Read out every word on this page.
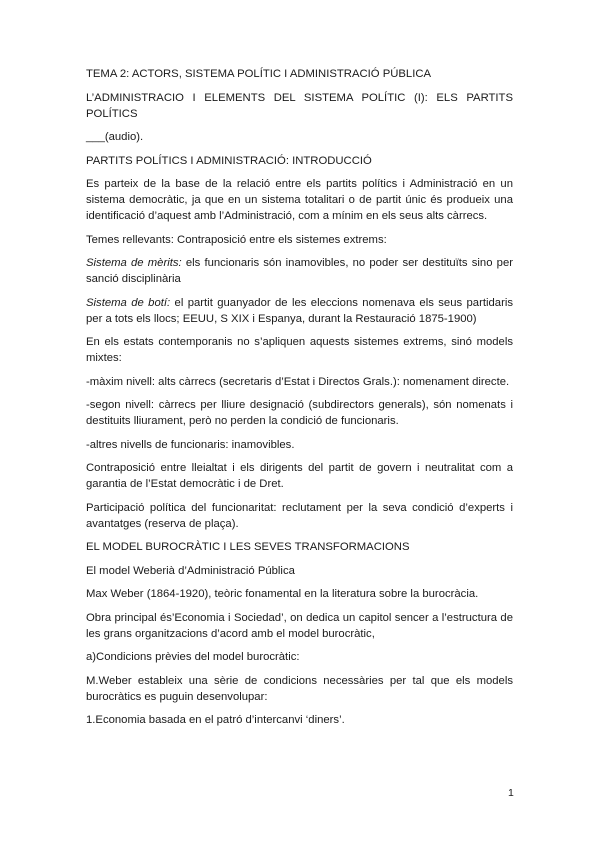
TEMA 2: ACTORS, SISTEMA POLÍTIC I ADMINISTRACIÓ PÚBLICA

L’ADMINISTRACIO I ELEMENTS DEL SISTEMA POLÍTIC (I): ELS PARTITS POLÍTICS

___(audio).

PARTITS POLÍTICS I ADMINISTRACIÓ: INTRODUCCIÓ

Es parteix de la base de la relació entre els partits polítics i Administració en un sistema democràtic, ja que en un sistema totalitari o de partit únic és produeix una identificació d’aquest amb l’Administració, com a mínim en els seus alts càrrecs.

Temes rellevants: Contraposició entre els sistemes extrems:

Sistema de mèrits: els funcionaris són inamovibles, no poder ser destituïts sino per sanció disciplinària

Sistema de botí: el partit guanyador de les eleccions nomenava els seus partidaris per a tots els llocs; EEUU, S XIX i Espanya, durant la Restauració 1875-1900)

En els estats contemporanis no s’apliquen aquests sistemes extrems, sinó models mixtes:

-màxim nivell: alts càrrecs (secretaris d’Estat i Directos Grals.): nomenament directe.

-segon nivell: càrrecs per lliure designació (subdirectors generals), són nomenats i destituits lliurament, però no perden la condició de funcionaris.

-altres nivells de funcionaris: inamovibles.

Contraposició entre lleialtat i els dirigents del partit de govern i neutralitat com a garantia de l’Estat democràtic i de Dret.

Participació política del funcionaritat: reclutament per la seva condició d’experts i avantatges (reserva de plaça).

EL MODEL BUROCRÀTIC I LES SEVES TRANSFORMACIONS

El model Weberià d’Administració Pública

Max Weber (1864-1920), teòric fonamental en la literatura sobre la burocràcia.

Obra principal és’Economia i Sociedad’, on dedica un capitol sencer a l’estructura de les grans organitzacions d’acord amb el model burocràtic,

a)Condicions prèvies del model burocràtic:

M.Weber estableix una sèrie de condicions necessàries per tal que els models burocràtics es puguin desenvolupar:

1.Economia basada en el patró d’intercanvi ‘diners’.

1
